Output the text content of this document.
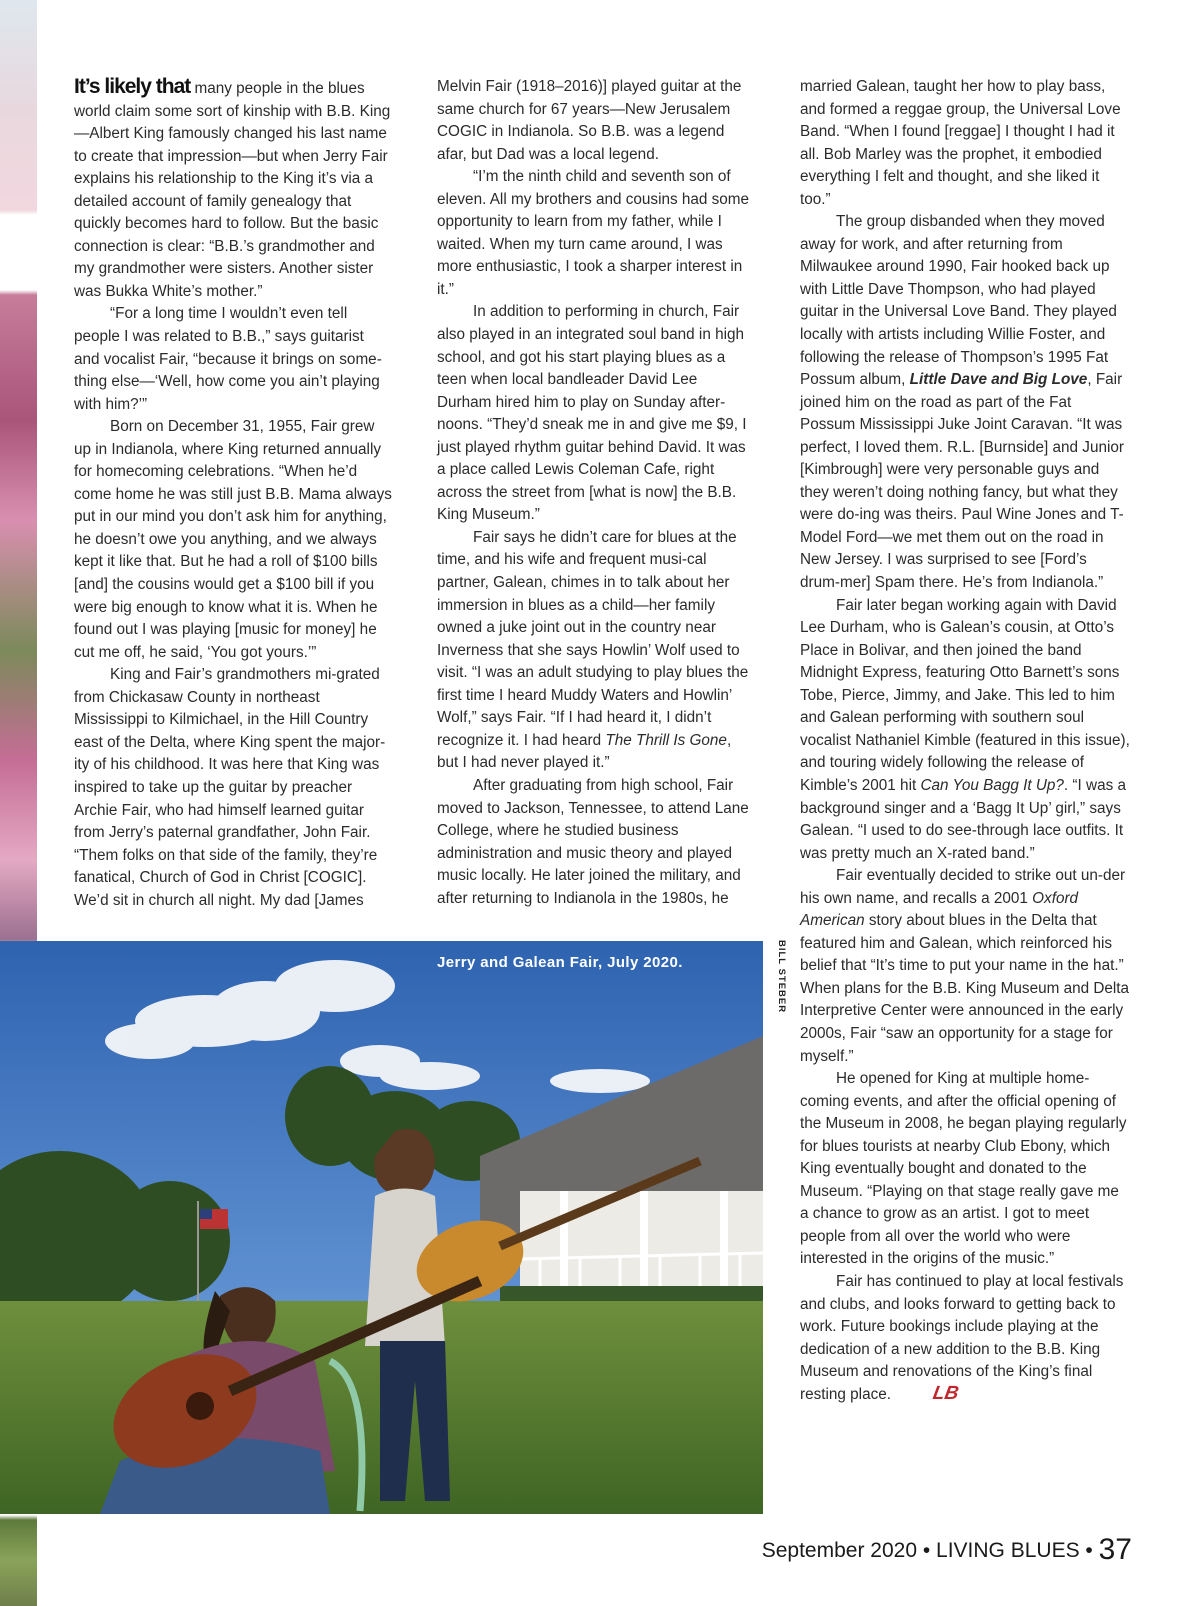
It’s likely that many people in the blues world claim some sort of kinship with B.B. King—Albert King famously changed his last name to create that impression—but when Jerry Fair explains his relationship to the King it’s via a detailed account of family genealogy that quickly becomes hard to follow. But the basic connection is clear: “B.B.’s grandmother and my grandmother were sisters. Another sister was Bukka White’s mother.”

“For a long time I wouldn’t even tell people I was related to B.B.,” says guitarist and vocalist Fair, “because it brings on some-thing else—‘Well, how come you ain’t playing with him?’”

Born on December 31, 1955, Fair grew up in Indianola, where King returned annually for homecoming celebrations. “When he’d come home he was still just B.B. Mama always put in our mind you don’t ask him for anything, he doesn’t owe you anything, and we always kept it like that. But he had a roll of $100 bills [and] the cousins would get a $100 bill if you were big enough to know what it is. When he found out I was playing [music for money] he cut me off, he said, ‘You got yours.’”

King and Fair’s grandmothers mi-grated from Chickasaw County in northeast Mississippi to Kilmichael, in the Hill Country east of the Delta, where King spent the major-ity of his childhood. It was here that King was inspired to take up the guitar by preacher Archie Fair, who had himself learned guitar from Jerry’s paternal grandfather, John Fair. “Them folks on that side of the family, they’re fanatical, Church of God in Christ [COGIC]. We’d sit in church all night. My dad [James

Melvin Fair (1918–2016)] played guitar at the same church for 67 years—New Jerusalem COGIC in Indianola. So B.B. was a legend afar, but Dad was a local legend.

“I’m the ninth child and seventh son of eleven. All my brothers and cousins had some opportunity to learn from my father, while I waited. When my turn came around, I was more enthusiastic, I took a sharper interest in it.”

In addition to performing in church, Fair also played in an integrated soul band in high school, and got his start playing blues as a teen when local bandleader David Lee Durham hired him to play on Sunday after-noons. “They’d sneak me in and give me $9, I just played rhythm guitar behind David. It was a place called Lewis Coleman Cafe, right across the street from [what is now] the B.B. King Museum.”

Fair says he didn’t care for blues at the time, and his wife and frequent musi-cal partner, Galean, chimes in to talk about her immersion in blues as a child—her family owned a juke joint out in the country near Inverness that she says Howlin’ Wolf used to visit. “I was an adult studying to play blues the first time I heard Muddy Waters and Howlin’ Wolf,” says Fair. “If I had heard it, I didn’t recognize it. I had heard The Thrill Is Gone, but I had never played it.”

After graduating from high school, Fair moved to Jackson, Tennessee, to attend Lane College, where he studied business administration and music theory and played music locally. He later joined the military, and after returning to Indianola in the 1980s, he

married Galean, taught her how to play bass, and formed a reggae group, the Universal Love Band. “When I found [reggae] I thought I had it all. Bob Marley was the prophet, it embodied everything I felt and thought, and she liked it too.”

The group disbanded when they moved away for work, and after returning from Milwaukee around 1990, Fair hooked back up with Little Dave Thompson, who had played guitar in the Universal Love Band. They played locally with artists including Willie Foster, and following the release of Thompson’s 1995 Fat Possum album, Little Dave and Big Love, Fair joined him on the road as part of the Fat Possum Mississippi Juke Joint Caravan. “It was perfect, I loved them. R.L. [Burnside] and Junior [Kimbrough] were very personable guys and they weren’t doing nothing fancy, but what they were do-ing was theirs. Paul Wine Jones and T-Model Ford—we met them out on the road in New Jersey. I was surprised to see [Ford’s drum-mer] Spam there. He’s from Indianola.”

Fair later began working again with David Lee Durham, who is Galean’s cousin, at Otto’s Place in Bolivar, and then joined the band Midnight Express, featuring Otto Barnett’s sons Tobe, Pierce, Jimmy, and Jake. This led to him and Galean performing with southern soul vocalist Nathaniel Kimble (featured in this issue), and touring widely following the release of Kimble’s 2001 hit Can You Bagg It Up?. “I was a background singer and a ‘Bagg It Up’ girl,” says Galean. “I used to do see-through lace outfits. It was pretty much an X-rated band.”

Fair eventually decided to strike out un-der his own name, and recalls a 2001 Oxford American story about blues in the Delta that featured him and Galean, which reinforced his belief that “It’s time to put your name in the hat.” When plans for the B.B. King Museum and Delta Interpretive Center were announced in the early 2000s, Fair “saw an opportunity for a stage for myself.”

He opened for King at multiple home-coming events, and after the official opening of the Museum in 2008, he began playing regularly for blues tourists at nearby Club Ebony, which King eventually bought and donated to the Museum. “Playing on that stage really gave me a chance to grow as an artist. I got to meet people from all over the world who were interested in the origins of the music.”

Fair has continued to play at local festivals and clubs, and looks forward to getting back to work. Future bookings include playing at the dedication of a new addition to the B.B. King Museum and renovations of the King’s final resting place. LB

Jerry and Galean Fair, July 2020.	BILL STEBER
September 2020 • LIVING BLUES • 37
